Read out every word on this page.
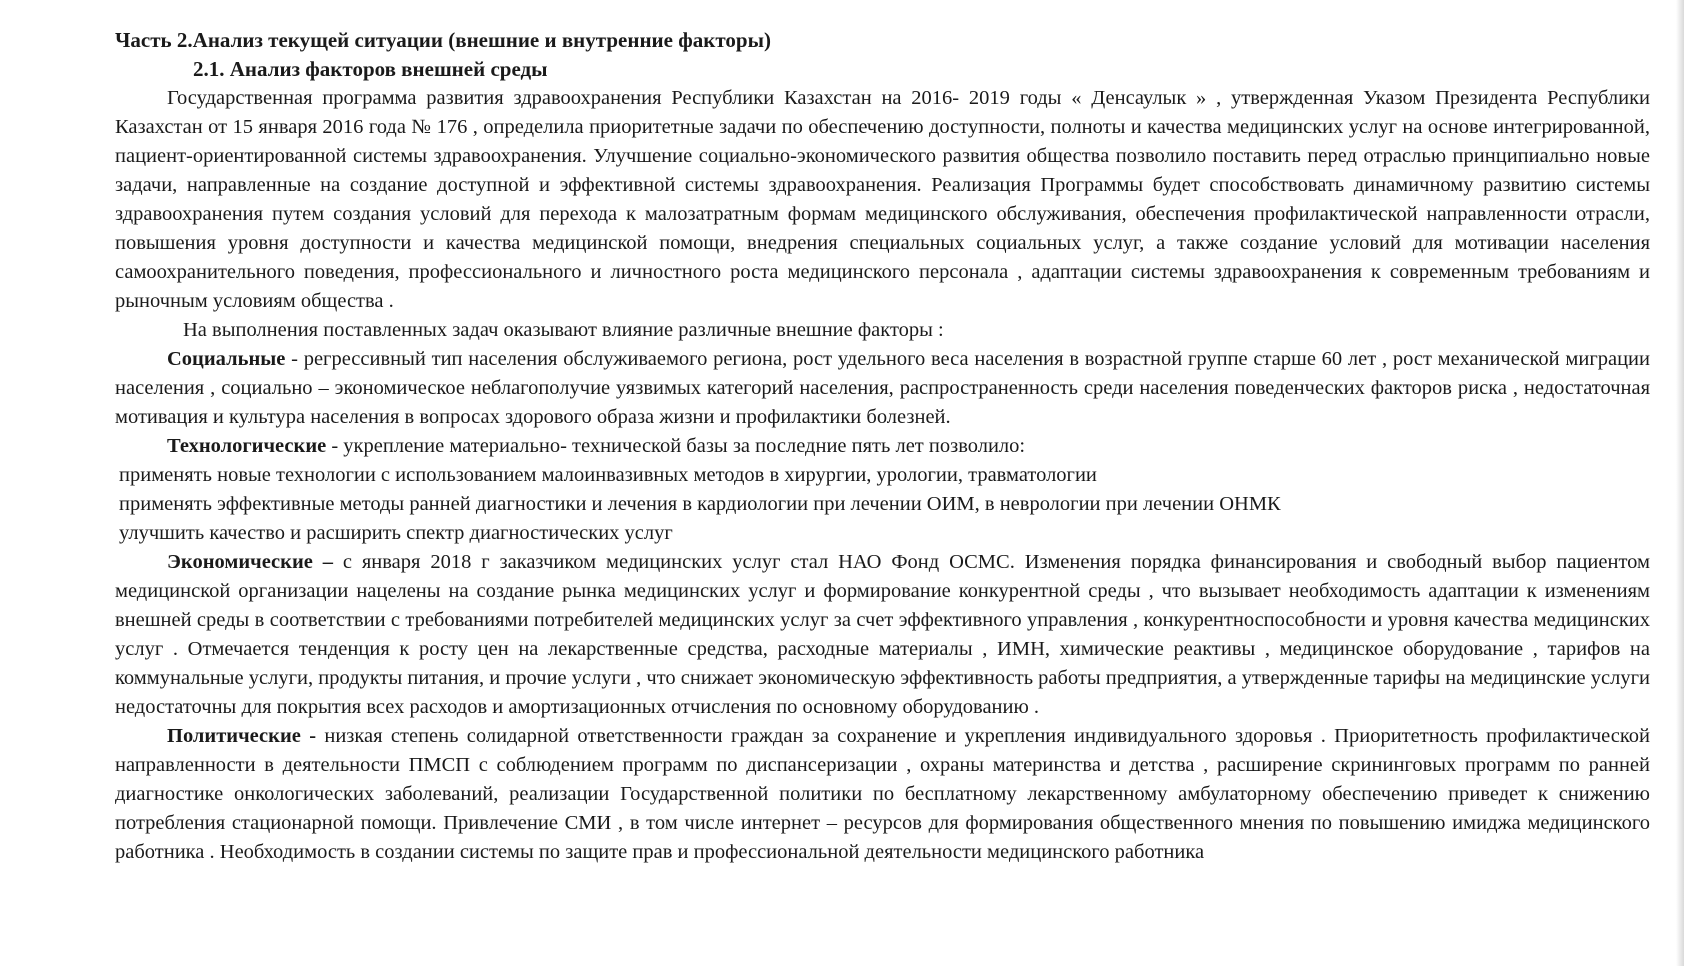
Часть 2.Анализ текущей ситуации (внешние и внутренние факторы)

2.1. Анализ факторов внешней среды

Государственная программа развития здравоохранения Республики Казахстан на 2016- 2019 годы « Денсаулык » , утвержденная Указом Президента Республики Казахстан от 15 января 2016 года № 176 , определила приоритетные задачи по обеспечению доступности, полноты и качества медицинских услуг на основе интегрированной, пациент-ориентированной системы здравоохранения. Улучшение социально-экономического развития общества позволило поставить перед отраслью принципиально новые задачи, направленные на создание доступной и эффективной системы здравоохранения. Реализация Программы будет способствовать динамичному развитию системы здравоохранения путем создания условий для перехода к малозатратным формам медицинского обслуживания, обеспечения профилактической направленности отрасли, повышения уровня доступности и качества медицинской помощи, внедрения специальных социальных услуг, а также создание условий для мотивации населения самоохранительного поведения, профессионального и личностного роста медицинского персонала , адаптации системы здравоохранения к современным требованиям и рыночным условиям общества .

На выполнения поставленных задач оказывают влияние различные внешние факторы :

Социальные - регрессивный тип населения обслуживаемого региона, рост удельного веса населения в возрастной группе старше 60 лет , рост механической миграции населения , социально – экономическое неблагополучие уязвимых категорий населения, распространенность среди населения поведенческих факторов риска , недостаточная мотивация и культура населения в вопросах здорового образа жизни и профилактики болезней.

Технологические - укрепление материально- технической базы за последние пять лет позволило:

применять новые технологии с использованием малоинвазивных методов в хирургии, урологии, травматологии

применять эффективные методы ранней диагностики и лечения в кардиологии при лечении ОИМ, в неврологии при лечении ОНМК

улучшить качество и расширить спектр диагностических услуг

Экономические – с января 2018 г заказчиком медицинских услуг стал НАО Фонд ОСМС. Изменения порядка финансирования и свободный выбор пациентом медицинской организации нацелены на создание рынка медицинских услуг и формирование конкурентной среды , что вызывает необходимость адаптации к изменениям внешней среды в соответствии с требованиями потребителей медицинских услуг за счет эффективного управления , конкурентноспособности и уровня качества медицинских услуг . Отмечается тенденция к росту цен на лекарственные средства, расходные материалы , ИМН, химические реактивы , медицинское оборудование , тарифов на коммунальные услуги, продукты питания, и прочие услуги , что снижает экономическую эффективность работы предприятия, а утвержденные тарифы на медицинские услуги недостаточны для покрытия всех расходов и амортизационных отчисления по основному оборудованию .

Политические - низкая степень солидарной ответственности граждан за сохранение и укрепления индивидуального здоровья . Приоритетность профилактической направленности в деятельности ПМСП с соблюдением программ по диспансеризации , охраны материнства и детства , расширение скрининговых программ по ранней диагностике онкологических заболеваний, реализации Государственной политики по бесплатному лекарственному амбулаторному обеспечению приведет к снижению потребления стационарной помощи. Привлечение СМИ , в том числе интернет – ресурсов для формирования общественного мнения по повышению имиджа медицинского работника . Необходимость в создании системы по защите прав и профессиональной деятельности медицинского работника
